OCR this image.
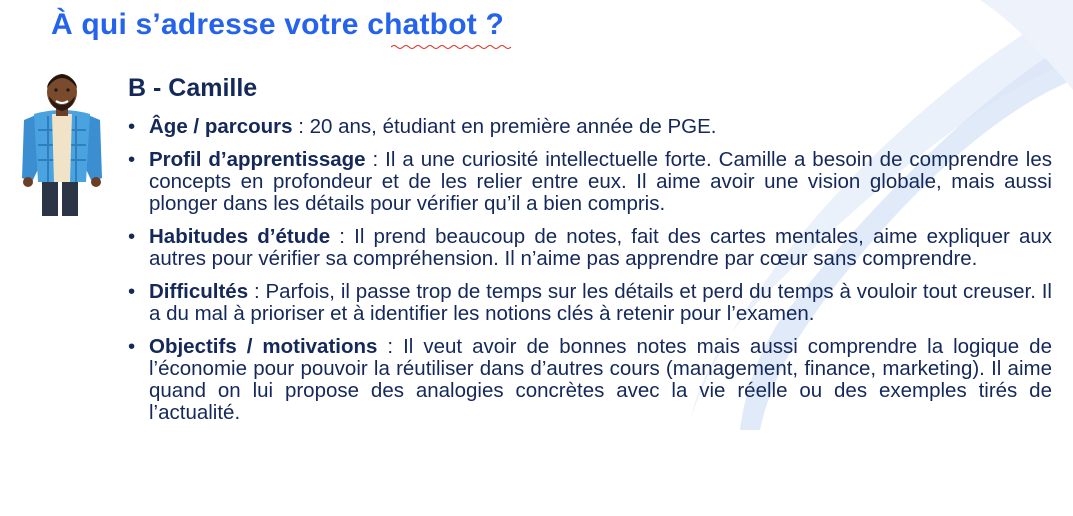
À qui s’adresse votre chatbot ?
B - Camille
• Âge / parcours : 20 ans, étudiant en première année de PGE.
• Profil d’apprentissage : Il a une curiosité intellectuelle forte. Camille a besoin de comprendre les concepts en profondeur et de les relier entre eux. Il aime avoir une vision globale, mais aussi plonger dans les détails pour vérifier qu’il a bien compris.
• Habitudes d’étude : Il prend beaucoup de notes, fait des cartes mentales, aime expliquer aux autres pour vérifier sa compréhension. Il n’aime pas apprendre par cœur sans comprendre.
• Difficultés : Parfois, il passe trop de temps sur les détails et perd du temps à vouloir tout creuser. Il a du mal à prioriser et à identifier les notions clés à retenir pour l’examen.
• Objectifs / motivations : Il veut avoir de bonnes notes mais aussi comprendre la logique de l’économie pour pouvoir la réutiliser dans d’autres cours (management, finance, marketing). Il aime quand on lui propose des analogies concrètes avec la vie réelle ou des exemples tirés de l’actualité.
